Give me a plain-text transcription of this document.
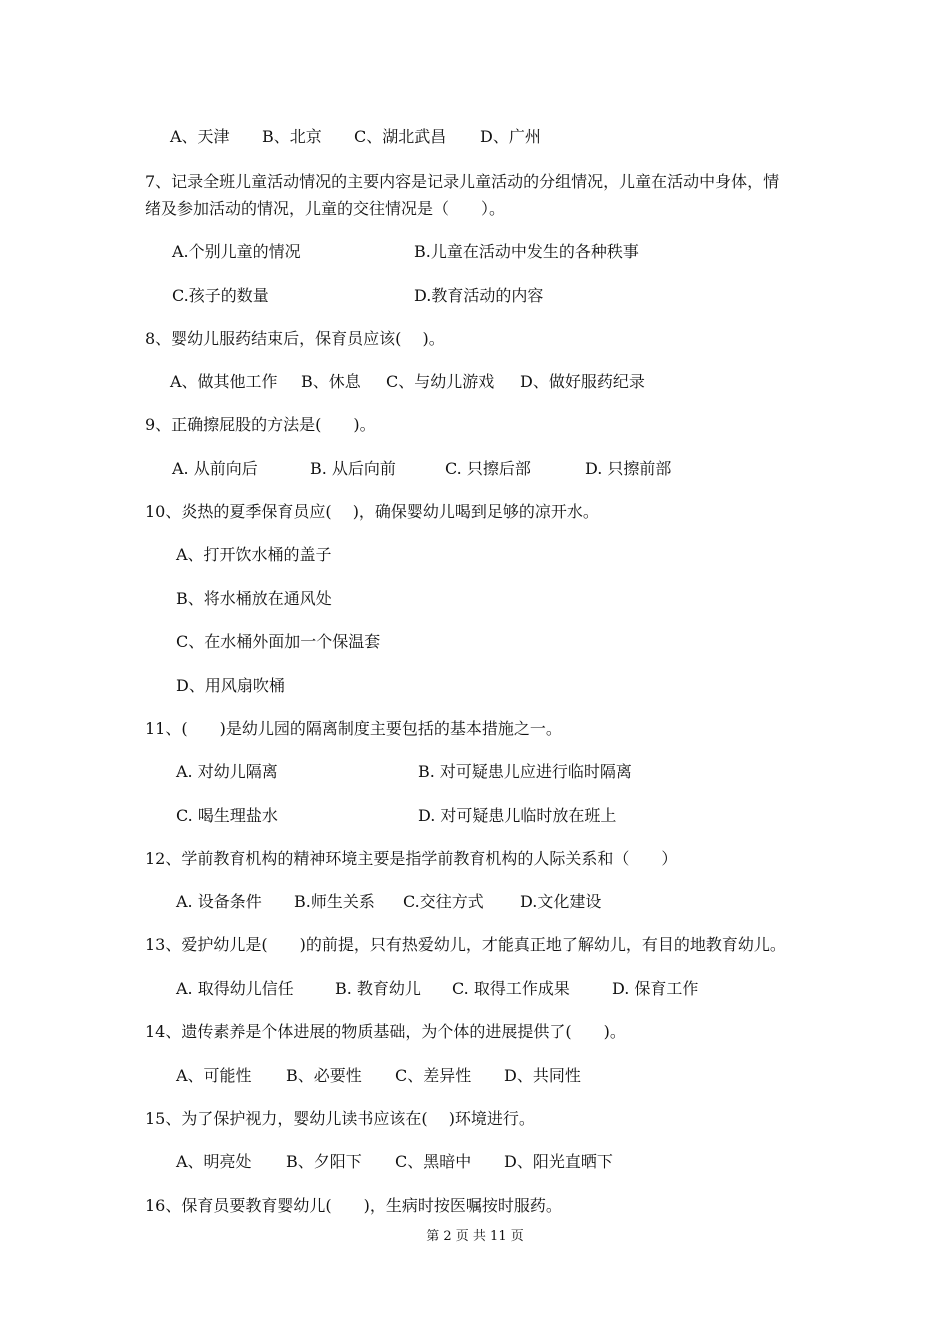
A、天津 B、北京 C、湖北武昌 D、广州
7、记录全班儿童活动情况的主要内容是记录儿童活动的分组情况，儿童在活动中身体，情
绪及参加活动的情况，儿童的交往情况是（　　）。
A.个别儿童的情况	B.儿童在活动中发生的各种秩事
C.孩子的数量	D.教育活动的内容
8、婴幼儿服药结束后，保育员应该(　 )。
A、做其他工作 B、休息 C、与幼儿游戏 D、做好服药纪录
9、正确擦屁股的方法是(　　)。
A. 从前向后	B. 从后向前	C. 只擦后部	D. 只擦前部
10、炎热的夏季保育员应(　 )，确保婴幼儿喝到足够的凉开水。
A、打开饮水桶的盖子
B、将水桶放在通风处
C、在水桶外面加一个保温套
D、用风扇吹桶
11、(　　)是幼儿园的隔离制度主要包括的基本措施之一。
A. 对幼儿隔离	B. 对可疑患儿应进行临时隔离
C. 喝生理盐水	D. 对可疑患儿临时放在班上
12、学前教育机构的精神环境主要是指学前教育机构的人际关系和（　　）
A. 设备条件 B.师生关系 C.交往方式 D.文化建设
13、爱护幼儿是(　　)的前提，只有热爱幼儿，才能真正地了解幼儿，有目的地教育幼儿。
A. 取得幼儿信任	B. 教育幼儿 C. 取得工作成果	D. 保育工作
14、遗传素养是个体进展的物质基础，为个体的进展提供了(　　)。
A、可能性 B、必要性 C、差异性 D、共同性
15、为了保护视力，婴幼儿读书应该在(　 )环境进行。
A、明亮处 B、夕阳下 C、黑暗中 D、阳光直晒下
16、保育员要教育婴幼儿(　　)，生病时按医嘱按时服药。
第 2 页 共 11 页
